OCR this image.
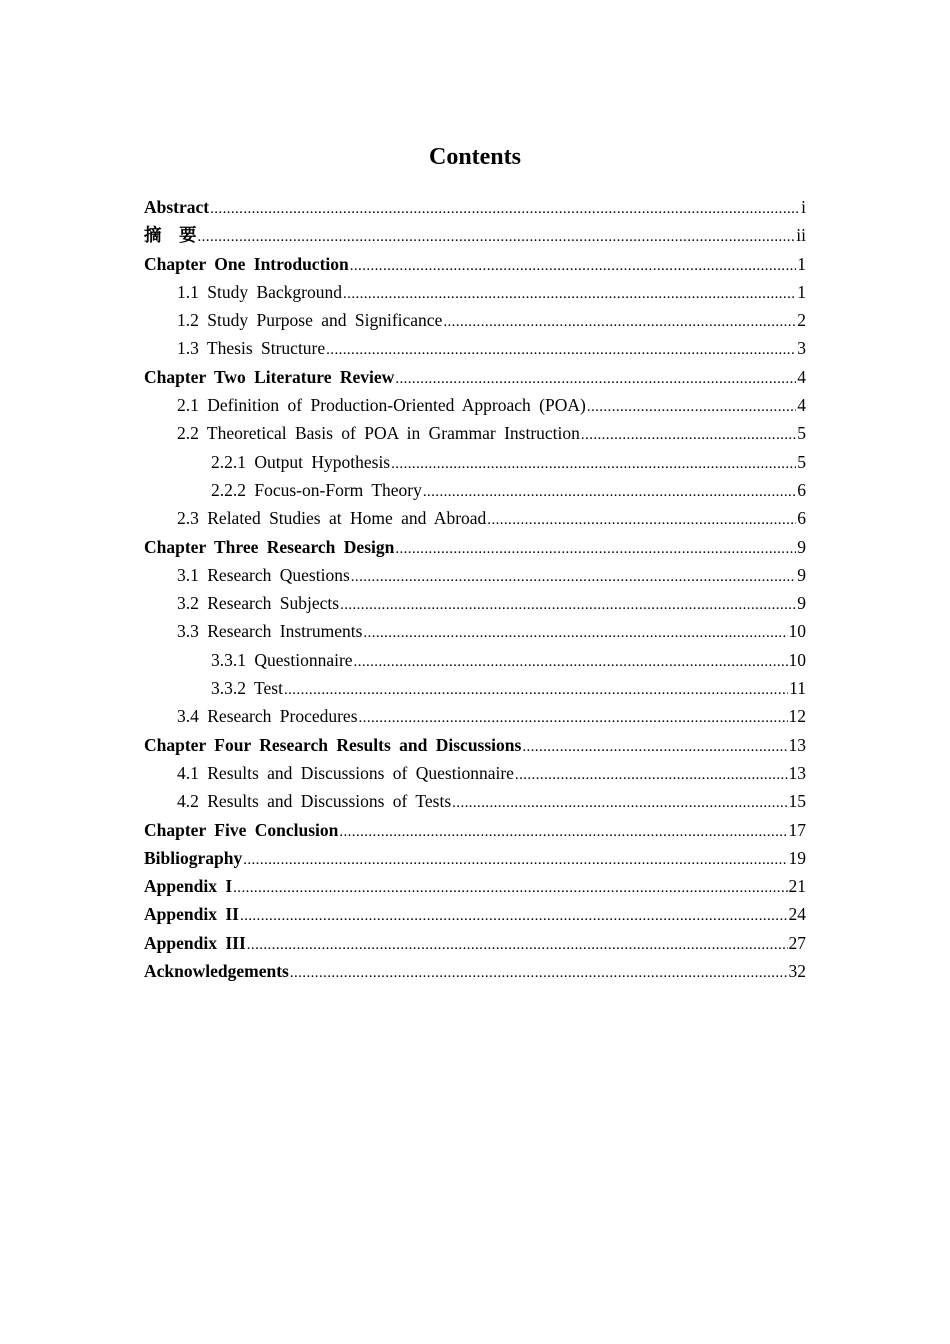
Contents
Abstract .....	i
摘　要 .....	ii
Chapter One Introduction .....	1
1.1 Study Background .....	1
1.2 Study Purpose and Significance .....	2
1.3 Thesis Structure .....	3
Chapter Two Literature Review .....	4
2.1 Definition of Production-Oriented Approach (POA) .....	4
2.2 Theoretical Basis of POA in Grammar Instruction .....	5
2.2.1 Output Hypothesis .....	5
2.2.2 Focus-on-Form Theory .....	6
2.3 Related Studies at Home and Abroad .....	6
Chapter Three Research Design .....	9
3.1 Research Questions .....	9
3.2 Research Subjects .....	9
3.3 Research Instruments .....	10
3.3.1 Questionnaire .....	10
3.3.2 Test .....	11
3.4 Research Procedures .....	12
Chapter Four Research Results and Discussions .....	13
4.1 Results and Discussions of Questionnaire .....	13
4.2 Results and Discussions of Tests .....	15
Chapter Five Conclusion .....	17
Bibliography .....	19
Appendix I .....	21
Appendix II .....	24
Appendix III .....	27
Acknowledgements .....	32
